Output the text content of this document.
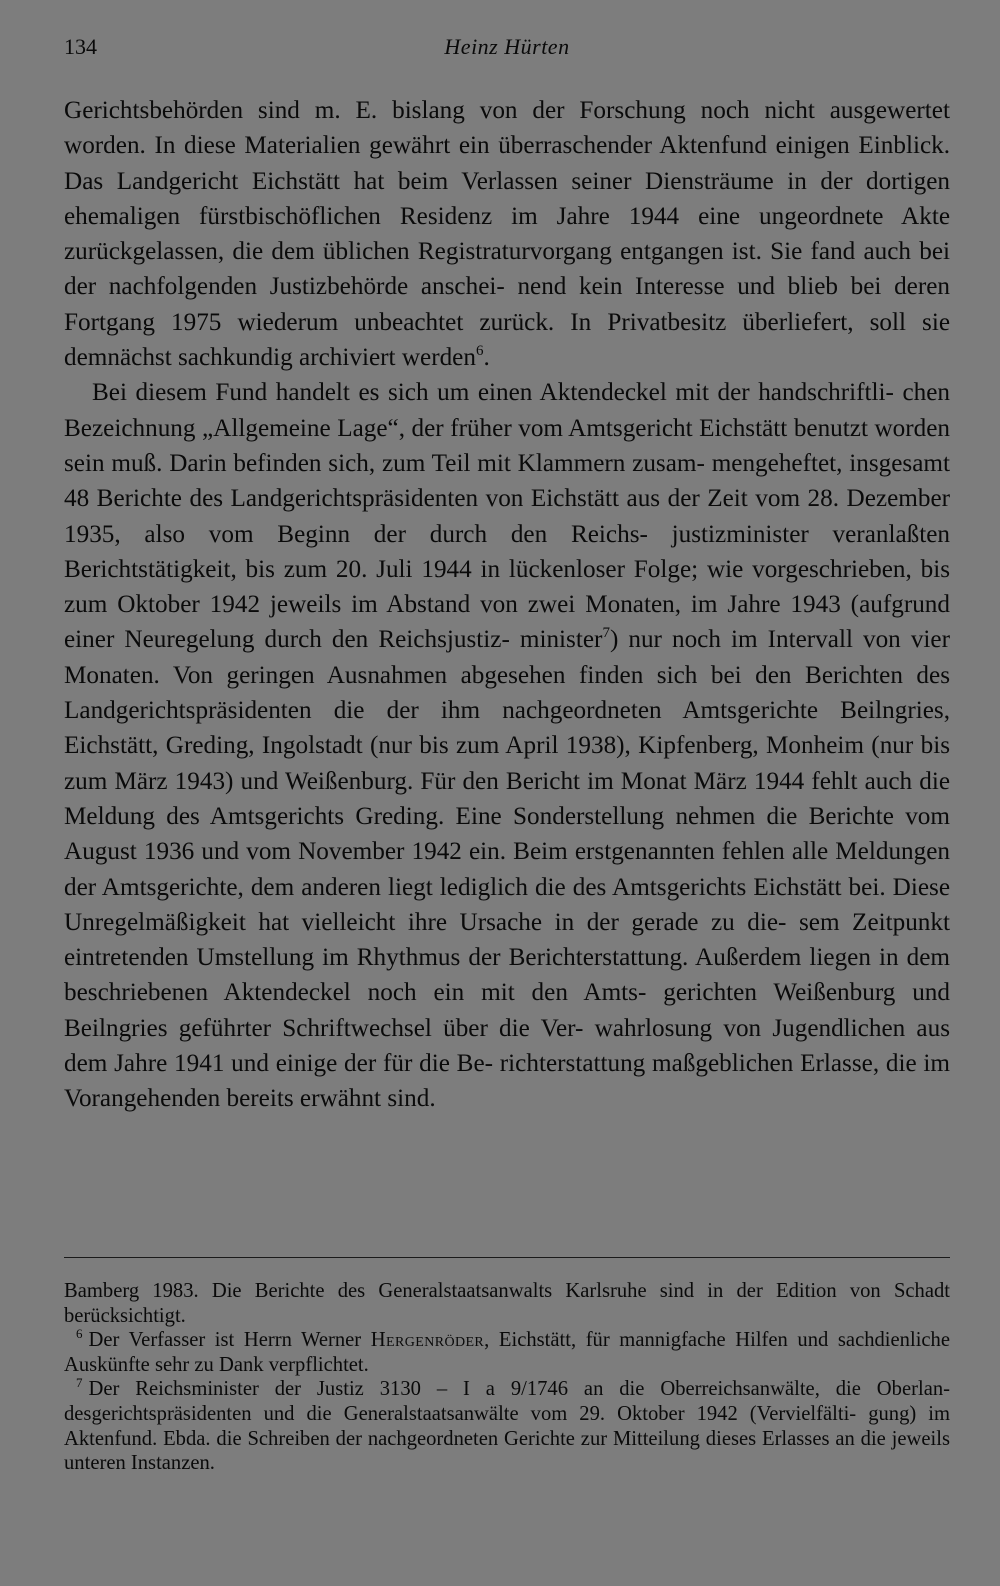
134	Heinz Hürten

Gerichtsbehörden sind m. E. bislang von der Forschung noch nicht ausgewertet worden. In diese Materialien gewährt ein überraschender Aktenfund einigen Einblick. Das Landgericht Eichstätt hat beim Verlassen seiner Diensträume in der dortigen ehemaligen fürstbischöflichen Residenz im Jahre 1944 eine ungeordnete Akte zurückgelassen, die dem üblichen Registraturvorgang entgangen ist. Sie fand auch bei der nachfolgenden Justizbehörde anschei- nend kein Interesse und blieb bei deren Fortgang 1975 wiederum unbeachtet zurück. In Privatbesitz überliefert, soll sie demnächst sachkundig archiviert werden$^6$.

Bei diesem Fund handelt es sich um einen Aktendeckel mit der handschriftli- chen Bezeichnung „Allgemeine Lage“, der früher vom Amtsgericht Eichstätt benutzt worden sein muß. Darin befinden sich, zum Teil mit Klammern zusam- mengeheftet, insgesamt 48 Berichte des Landgerichtspräsidenten von Eichstätt aus der Zeit vom 28. Dezember 1935, also vom Beginn der durch den Reichs- justizminister veranlaßten Berichtstätigkeit, bis zum 20. Juli 1944 in lückenloser Folge; wie vorgeschrieben, bis zum Oktober 1942 jeweils im Abstand von zwei Monaten, im Jahre 1943 (aufgrund einer Neuregelung durch den Reichsjustiz- minister$^7$) nur noch im Intervall von vier Monaten. Von geringen Ausnahmen abgesehen finden sich bei den Berichten des Landgerichtspräsidenten die der ihm nachgeordneten Amtsgerichte Beilngries, Eichstätt, Greding, Ingolstadt (nur bis zum April 1938), Kipfenberg, Monheim (nur bis zum März 1943) und Weißenburg. Für den Bericht im Monat März 1944 fehlt auch die Meldung des Amtsgerichts Greding. Eine Sonderstellung nehmen die Berichte vom August 1936 und vom November 1942 ein. Beim erstgenannten fehlen alle Meldungen der Amtsgerichte, dem anderen liegt lediglich die des Amtsgerichts Eichstätt bei. Diese Unregelmäßigkeit hat vielleicht ihre Ursache in der gerade zu die- sem Zeitpunkt eintretenden Umstellung im Rhythmus der Berichterstattung. Außerdem liegen in dem beschriebenen Aktendeckel noch ein mit den Amts- gerichten Weißenburg und Beilngries geführter Schriftwechsel über die Ver- wahrlosung von Jugendlichen aus dem Jahre 1941 und einige der für die Be- richterstattung maßgeblichen Erlasse, die im Vorangehenden bereits erwähnt sind.

Bamberg 1983. Die Berichte des Generalstaatsanwalts Karlsruhe sind in der Edition von Schadt berücksichtigt.

$^6$ Der Verfasser ist Herrn Werner Hergenröder, Eichstätt, für mannigfache Hilfen und sachdienliche Auskünfte sehr zu Dank verpflichtet.

$^7$ Der Reichsminister der Justiz 3130 – I a 9/1746 an die Oberreichsanwälte, die Oberlan- desgerichtspräsidenten und die Generalstaatsanwälte vom 29. Oktober 1942 (Vervielfälti- gung) im Aktenfund. Ebda. die Schreiben der nachgeordneten Gerichte zur Mitteilung dieses Erlasses an die jeweils unteren Instanzen.
